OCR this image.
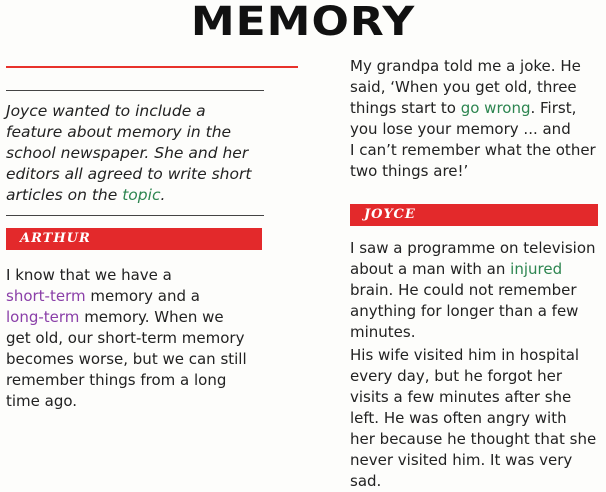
MEMORY
Joyce wanted to include a
feature about memory in the
school newspaper. She and her
editors all agreed to write short
articles on the topic.
ARTHUR
I know that we have a
short-term memory and a
long-term memory. When we
get old, our short-term memory
becomes worse, but we can still
remember things from a long
time ago.
My grandpa told me a joke. He
said, ‘When you get old, three
things start to go wrong. First,
you lose your memory ... and
I can’t remember what the other
two things are!’
JOYCE
I saw a programme on television
about a man with an injured
brain. He could not remember
anything for longer than a few
minutes.
His wife visited him in hospital
every day, but he forgot her
visits a few minutes after she
left. He was often angry with
her because he thought that she
never visited him. It was very
sad.
